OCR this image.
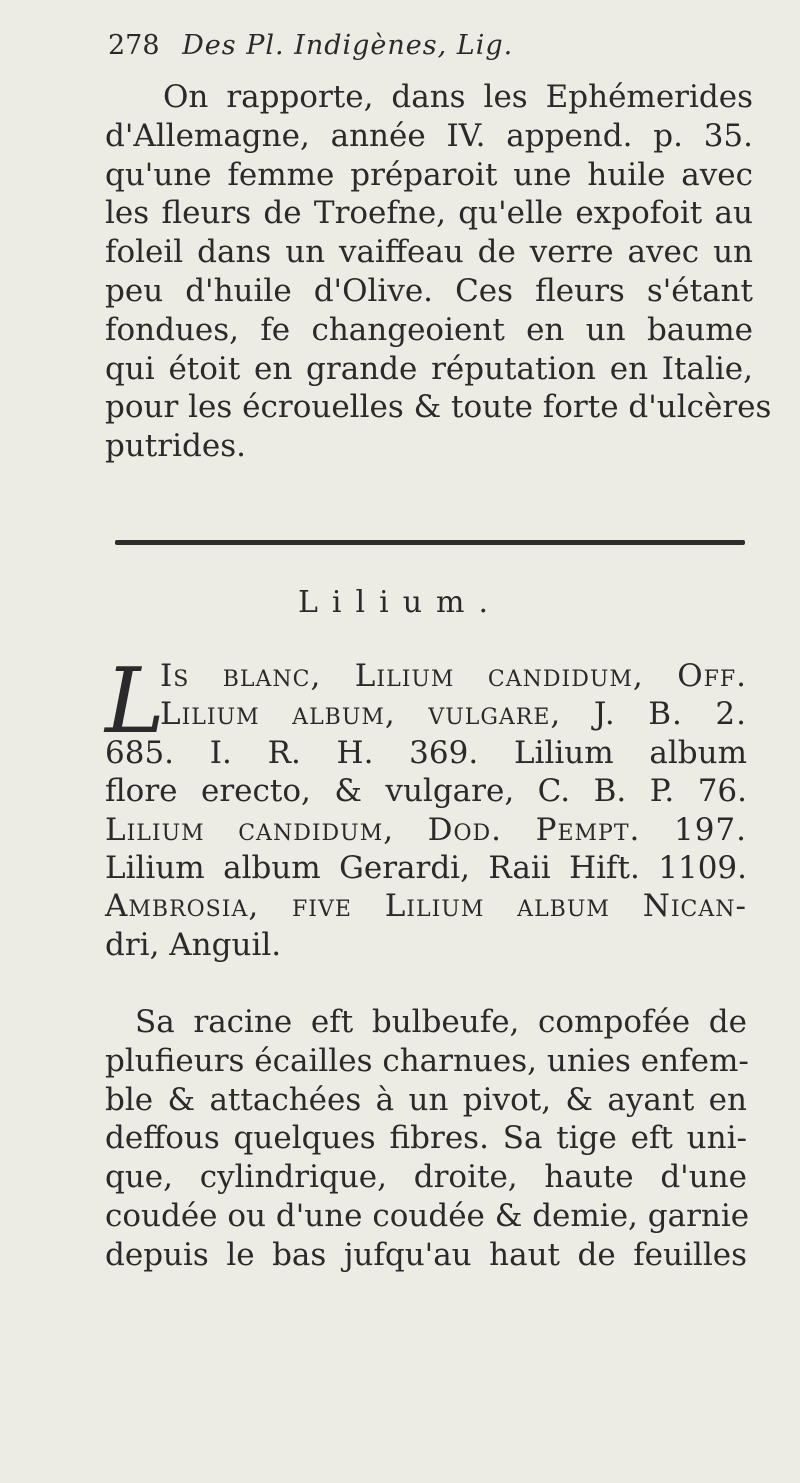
278 Des Pl. Indigènes, Lig.
On rapporte, dans les Ephémerides
d'Allemagne, année IV. append. p. 35.
qu'une femme préparoit une huile avec
les fleurs de Troefne, qu'elle expofoit au
foleil dans un vaiffeau de verre avec un
peu d'huile d'Olive. Ces fleurs s'étant
fondues, fe changeoient en un baume
qui étoit en grande réputation en Italie,
pour les écrouelles & toute forte d'ulcères
putrides.
Lilium.
L
Is blanc, Lilium candidum, Off.
Lilium album, vulgare, J. B. 2.
685. I. R. H. 369. Lilium album
flore erecto, & vulgare, C. B. P. 76.
Lilium candidum, Dod. Pempt. 197.
Lilium album Gerardi, Raii Hift. 1109.
Ambrosia, five Lilium album Nican-
dri, Anguil.
Sa racine eft bulbeufe, compofée de
plufieurs écailles charnues, unies enfem-
ble & attachées à un pivot, & ayant en
deffous quelques fibres. Sa tige eft uni-
que, cylindrique, droite, haute d'une
coudée ou d'une coudée & demie, garnie
depuis le bas jufqu'au haut de feuilles
